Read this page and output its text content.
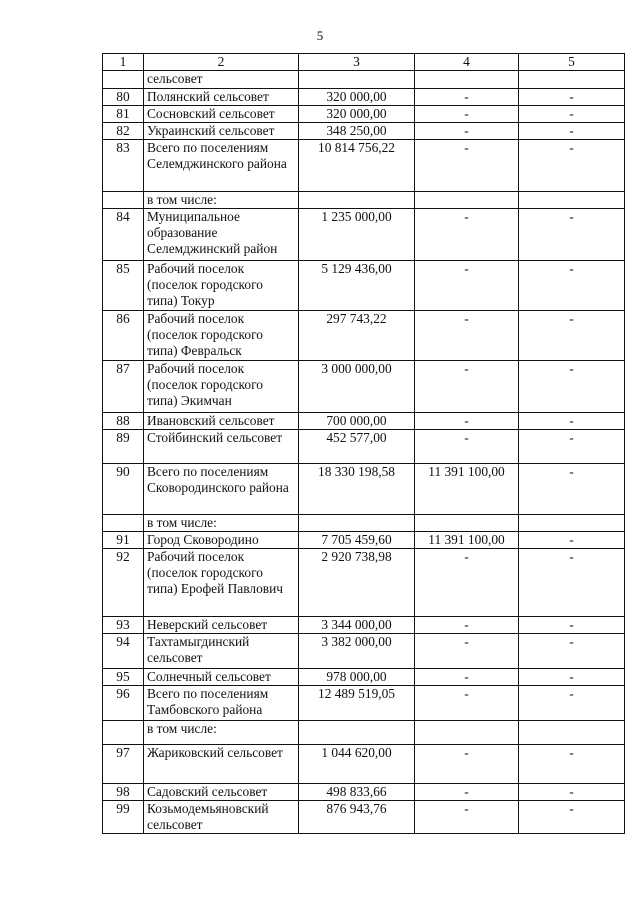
5
1	2	3	4	5
	сельсовет			
80	Полянский сельсовет	320 000,00	-	-
81	Сосновский сельсовет	320 000,00	-	-
82	Украинский сельсовет	348 250,00	-	-
83	Всего по поселениям Селемджинского района	10 814 756,22	-	-
	в том числе:			
84	Муниципальное образование Селемджинский район	1 235 000,00	-	-
85	Рабочий поселок (поселок городского типа) Токур	5 129 436,00	-	-
86	Рабочий поселок (поселок городского типа) Февральск	297 743,22	-	-
87	Рабочий поселок (поселок городского типа) Экимчан	3 000 000,00	-	-
88	Ивановский сельсовет	700 000,00	-	-
89	Стойбинский сельсовет	452 577,00	-	-
90	Всего по поселениям Сковородинского района	18 330 198,58	11 391 100,00	-
	в том числе:			
91	Город Сковородино	7 705 459,60	11 391 100,00	-
92	Рабочий поселок (поселок городского типа) Ерофей Павлович	2 920 738,98	-	-
93	Неверский сельсовет	3 344 000,00	-	-
94	Тахтамыгдинский сельсовет	3 382 000,00	-	-
95	Солнечный сельсовет	978 000,00	-	-
96	Всего по поселениям Тамбовского района	12 489 519,05	-	-
	в том числе:			
97	Жариковский сельсовет	1 044 620,00	-	-
98	Садовский сельсовет	498 833,66	-	-
99	Козьмодемьяновский сельсовет	876 943,76	-	-
